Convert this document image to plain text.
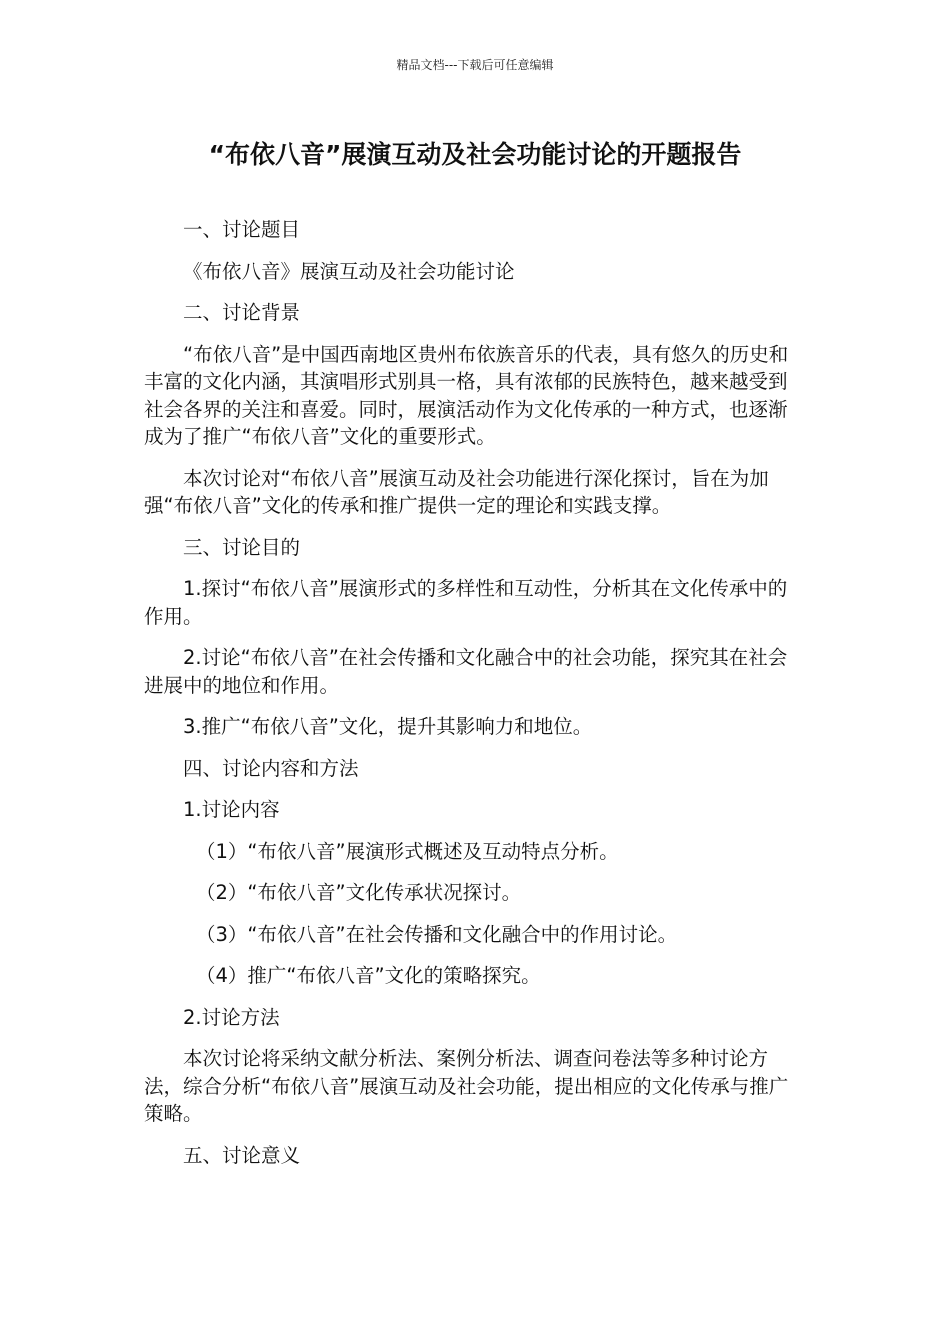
精品文档---下载后可任意编辑
“布依八音”展演互动及社会功能讨论的开题报告

一、讨论题目

《布依八音》展演互动及社会功能讨论

二、讨论背景

“布依八音”是中国西南地区贵州布依族音乐的代表，具有悠久的历史和丰富的文化内涵，其演唱形式别具一格，具有浓郁的民族特色，越来越受到社会各界的关注和喜爱。同时，展演活动作为文化传承的一种方式，也逐渐成为了推广“布依八音”文化的重要形式。

本次讨论对“布依八音”展演互动及社会功能进行深化探讨，旨在为加强“布依八音”文化的传承和推广提供一定的理论和实践支撑。

三、讨论目的

1.探讨“布依八音”展演形式的多样性和互动性，分析其在文化传承中的作用。

2.讨论“布依八音”在社会传播和文化融合中的社会功能，探究其在社会进展中的地位和作用。

3.推广“布依八音”文化，提升其影响力和地位。

四、讨论内容和方法

1.讨论内容

（1）“布依八音”展演形式概述及互动特点分析。

（2）“布依八音”文化传承状况探讨。

（3）“布依八音”在社会传播和文化融合中的作用讨论。

（4）推广“布依八音”文化的策略探究。

2.讨论方法

本次讨论将采纳文献分析法、案例分析法、调查问卷法等多种讨论方法，综合分析“布依八音”展演互动及社会功能，提出相应的文化传承与推广策略。

五、讨论意义
